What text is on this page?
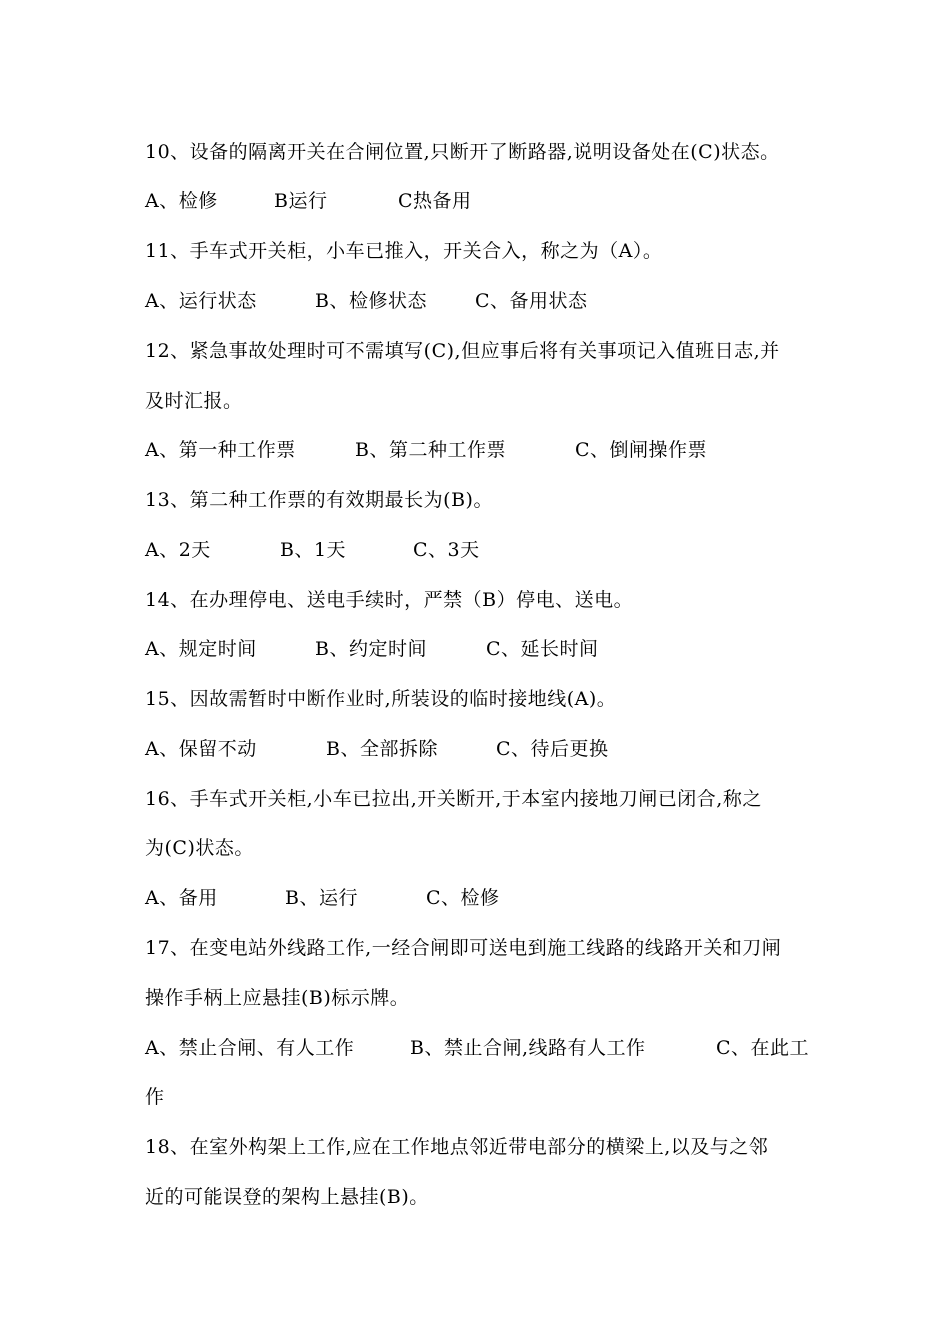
10、设备的隔离开关在合闸位置,只断开了断路器,说明设备处在(C)状态。
A、检修	B运行	C热备用
11、手车式开关柜，小车已推入，开关合入，称之为（A）。
A、运行状态	B、检修状态	C、备用状态
12、紧急事故处理时可不需填写(C),但应事后将有关事项记入值班日志,并
及时汇报。
A、第一种工作票	B、第二种工作票	C、倒闸操作票
13、第二种工作票的有效期最长为(B)。
A、2天	B、1天	C、3天
14、在办理停电、送电手续时，严禁（B）停电、送电。
A、规定时间	B、约定时间	C、延长时间
15、因故需暂时中断作业时,所装设的临时接地线(A)。
A、保留不动	B、全部拆除	C、待后更换
16、手车式开关柜,小车已拉出,开关断开,于本室内接地刀闸已闭合,称之
为(C)状态。
A、备用	B、运行	C、检修
17、在变电站外线路工作,一经合闸即可送电到施工线路的线路开关和刀闸
操作手柄上应悬挂(B)标示牌。
A、禁止合闸、有人工作	B、禁止合闸,线路有人工作	C、在此工
作
18、在室外构架上工作,应在工作地点邻近带电部分的横梁上,以及与之邻
近的可能误登的架构上悬挂(B)。
